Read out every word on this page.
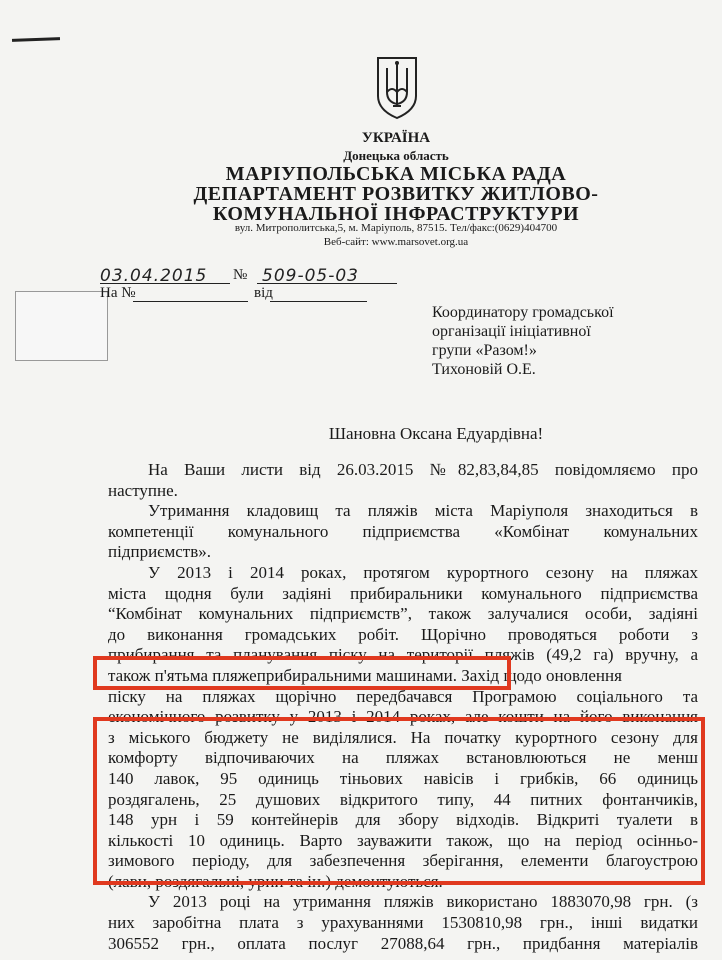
УКРАЇНА
Донецька область
МАРІУПОЛЬСЬКА МІСЬКА РАДА
ДЕПАРТАМЕНТ РОЗВИТКУ ЖИТЛОВО-
КОМУНАЛЬНОЇ ІНФРАСТРУКТУРИ
вул. Митрополитська,5, м. Маріуполь, 87515. Тел/факс:(0629)404700
Веб-сайт: www.marsovet.org.ua
03.04.2015 № 509-05-03
На №	від
Координатору громадської
організації ініціативної
групи «Разом!»
Тихоновій О.Е.
Шановна Оксана Едуардівна!
На Ваши листи від 26.03.2015 №82,83,84,85 повідомляємо про
наступне.
Утримання кладовищ та пляжів міста Маріуполя знаходиться в
компетенції комунального підприємства «Комбінат комунальних
підприємств».
У 2013 і 2014 роках, протягом курортного сезону на пляжах
міста щодня були задіяні прибиральники комунального підприємства
“Комбінат комунальних підприємств”, також залучалися особи, задіяні
до виконання громадських робіт. Щорічно проводяться роботи з
прибирання та планування піску на території пляжів (49,2 га) вручну, а
також п'ятьма пляжеприбиральними машинами. Захід щодо оновлення
піску на пляжах щорічно передбачався Програмою соціального та
економічного розвитку у 2013 і 2014 роках, але кошти на його виконання
з міського бюджету не виділялися. На початку курортного сезону для
комфорту відпочиваючих на пляжах встановлюються не менш
140 лавок, 95 одиниць тіньових навісів і грибків, 66 одиниць
роздягалень, 25 душових відкритого типу, 44 питних фонтанчиків,
148 урн і 59 контейнерів для збору відходів. Відкриті туалети в
кількості 10 одиниць. Варто зауважити також, що на період осінньо-
зимового періоду, для забезпечення зберігання, елементи благоустрою
(лави, роздягальні, урни та ін.) демонтуються.
У 2013 році на утримання пляжів використано 1883070,98 грн. (з
них заробітна плата з урахуваннями 1530810,98 грн., інші видатки
306552 грн., оплата послуг 27088,64 грн., придбання матеріалів
